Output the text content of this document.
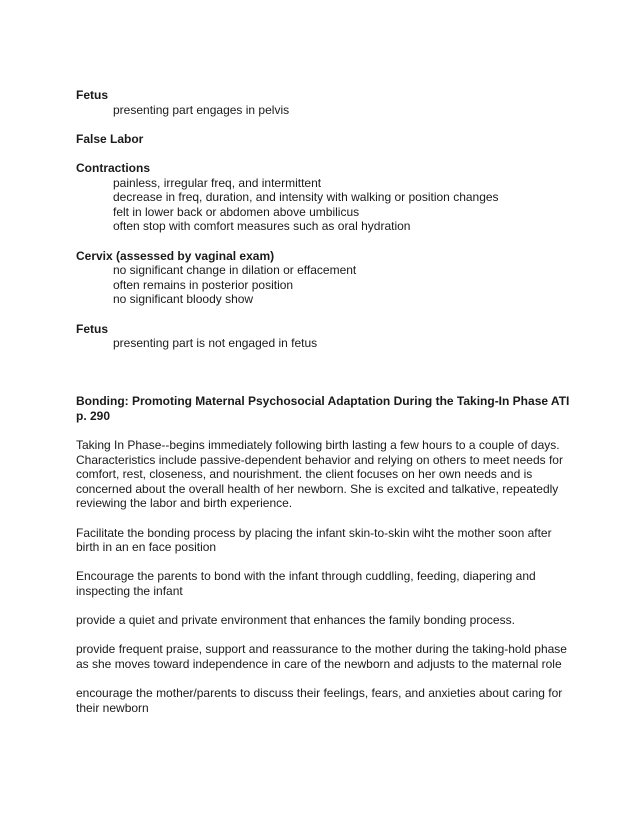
Fetus
presenting part engages in pelvis
False Labor
Contractions
painless, irregular freq, and intermittent
decrease in freq, duration, and intensity with walking or position changes
felt in lower back or abdomen above umbilicus
often stop with comfort measures such as oral hydration
Cervix (assessed by vaginal exam)
no significant change in dilation or effacement
often remains in posterior position
no significant bloody show
Fetus
presenting part is not engaged in fetus
Bonding: Promoting Maternal Psychosocial Adaptation During the Taking-In Phase ATI p. 290
Taking In Phase--begins immediately following birth lasting a few hours to a couple of days. Characteristics include passive-dependent behavior and relying on others to meet needs for comfort, rest, closeness, and nourishment. the client focuses on her own needs and is concerned about the overall health of her newborn. She is excited and talkative, repeatedly reviewing the labor and birth experience.
Facilitate the bonding process by placing the infant skin-to-skin wiht the mother soon after birth in an en face position
Encourage the parents to bond with the infant through cuddling, feeding, diapering and inspecting the infant
provide a quiet and private environment that enhances the family bonding process.
provide frequent praise, support and reassurance to the mother during the taking-hold phase as she moves toward independence in care of the newborn and adjusts to the maternal role
encourage the mother/parents to discuss their feelings, fears, and anxieties about caring for their newborn
